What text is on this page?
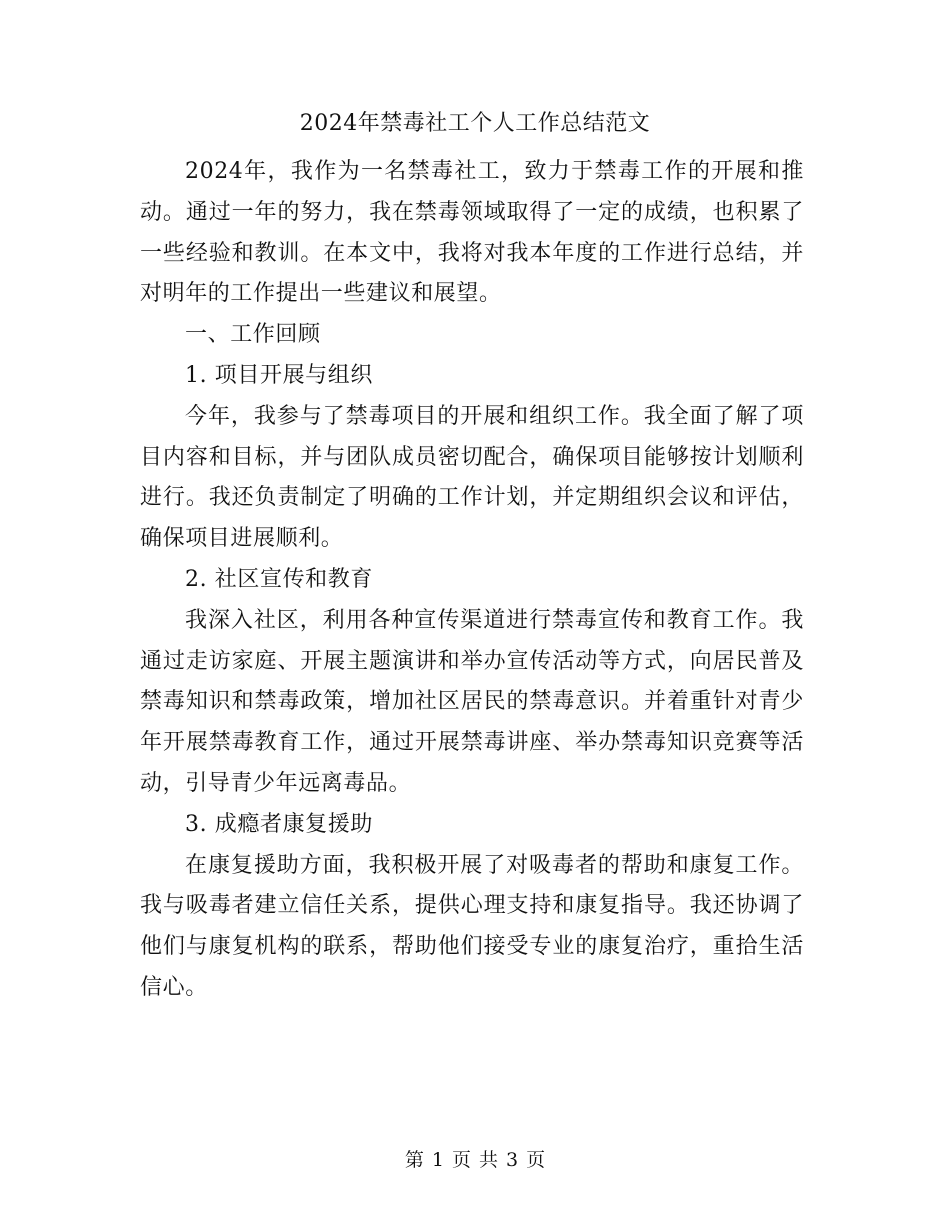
2024年禁毒社工个人工作总结范文

2024年，我作为一名禁毒社工，致力于禁毒工作的开展和推动。通过一年的努力，我在禁毒领域取得了一定的成绩，也积累了一些经验和教训。在本文中，我将对我本年度的工作进行总结，并对明年的工作提出一些建议和展望。

一、工作回顾

1. 项目开展与组织

今年，我参与了禁毒项目的开展和组织工作。我全面了解了项目内容和目标，并与团队成员密切配合，确保项目能够按计划顺利进行。我还负责制定了明确的工作计划，并定期组织会议和评估，确保项目进展顺利。

2. 社区宣传和教育

我深入社区，利用各种宣传渠道进行禁毒宣传和教育工作。我通过走访家庭、开展主题演讲和举办宣传活动等方式，向居民普及禁毒知识和禁毒政策，增加社区居民的禁毒意识。并着重针对青少年开展禁毒教育工作，通过开展禁毒讲座、举办禁毒知识竞赛等活动，引导青少年远离毒品。

3. 成瘾者康复援助

在康复援助方面，我积极开展了对吸毒者的帮助和康复工作。我与吸毒者建立信任关系，提供心理支持和康复指导。我还协调了他们与康复机构的联系，帮助他们接受专业的康复治疗，重拾生活信心。

第 1 页 共 3 页
